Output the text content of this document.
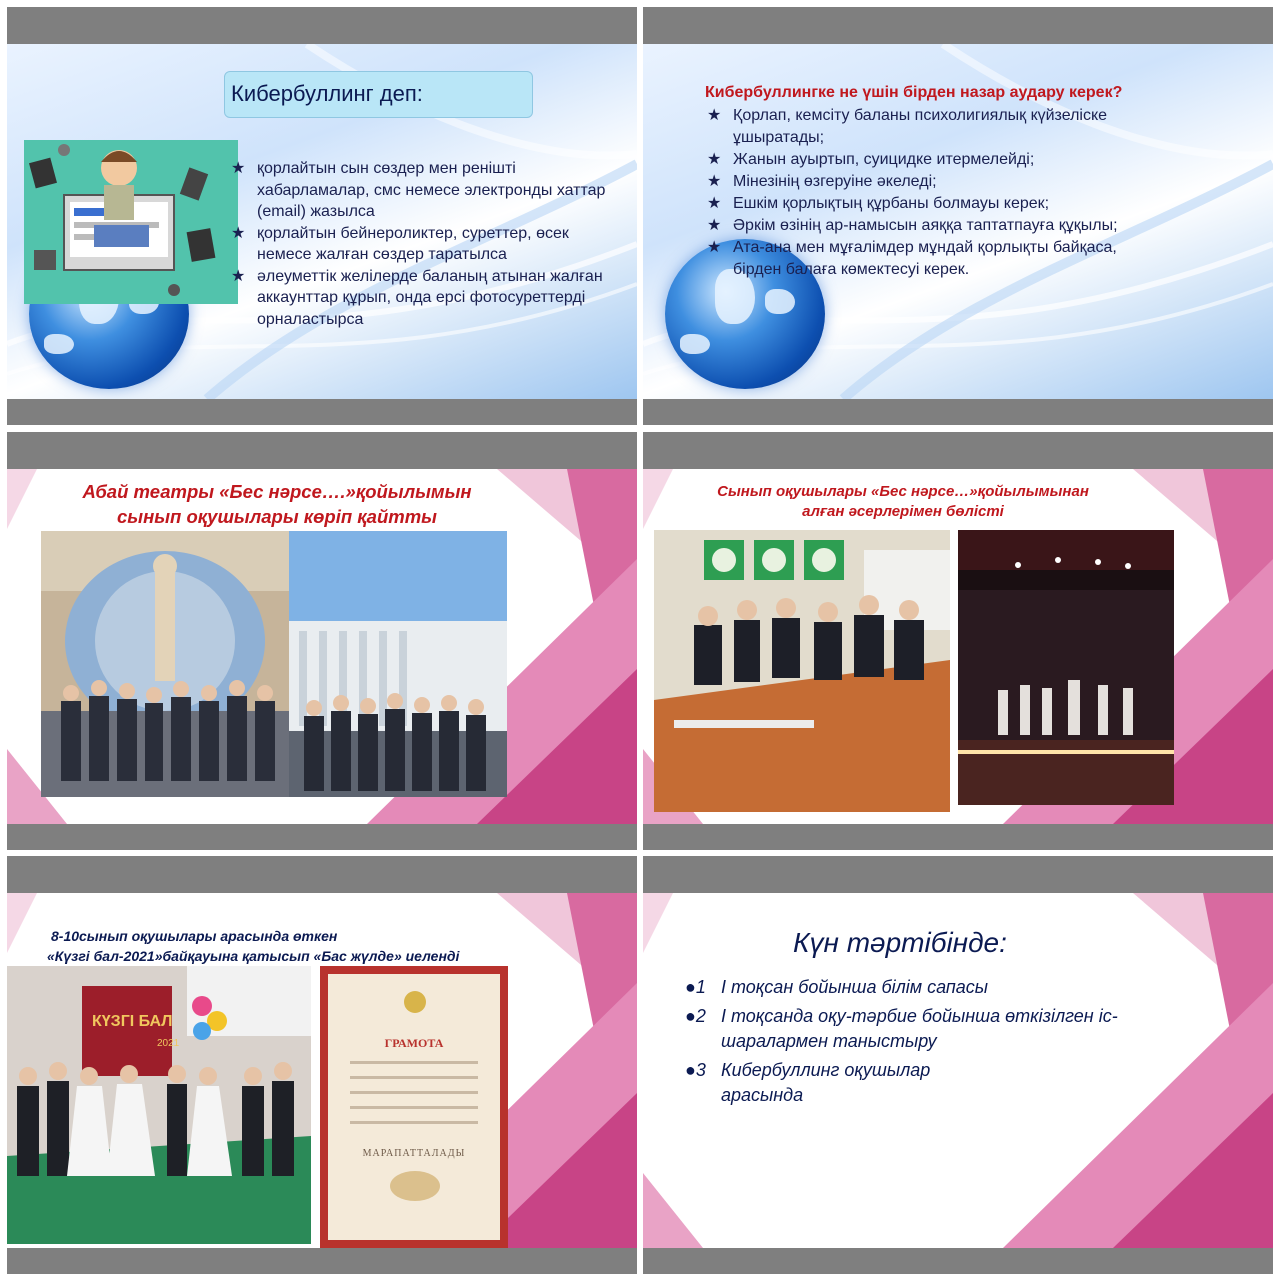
Кибербуллинг деп:
★ қорлайтын сын сөздер мен ренішті хабарламалар, смс немесе электронды хаттар (email) жазылса
★ қорлайтын бейнероликтер, суреттер, өсек немесе жалған сөздер таратылса
★ әлеуметтік желілерде баланың атынан жалған аккаунттар құрып, онда ерсі фотосуреттерді орналастырса
Кибербуллингке не үшін бірден назар аудару керек?
★ Қорлап, кемсіту баланы психолигиялық күйзеліске ұшыратады;
★ Жанын ауыртып, суицидке итермелейді;
★ Мінезінің өзгеруіне әкеледі;
★ Ешкім қорлықтың құрбаны болмауы керек;
★ Әркім өзінің ар-намысын аяққа таптатпауға құқылы;
★ Ата-ана мен мұғалімдер мұндай қорлықты байқаса, бірден балаға көмектесуі керек.
Абай театры «Бес нәрсе….»қойылымын
сынып оқушылары көріп қайтты
Сынып оқушылары «Бес нәрсе…»қойылымынан
алған әсерлерімен бөлісті
8-10сынып оқушылары арасында өткен
«Күзгі бал-2021»байқауына қатысып «Бас жүлде» иеленді
КҮЗГІ БАЛ
2021	ГРАМОТА
МАРАПАТТАЛАДЫ
Күн тәртібінде:
●1 І тоқсан бойынша білім сапасы
●2 І тоқсанда оқу-тәрбие бойынша өткізілген іс-шаралармен таныстыру
●3 Кибербуллинг оқушылар арасында
